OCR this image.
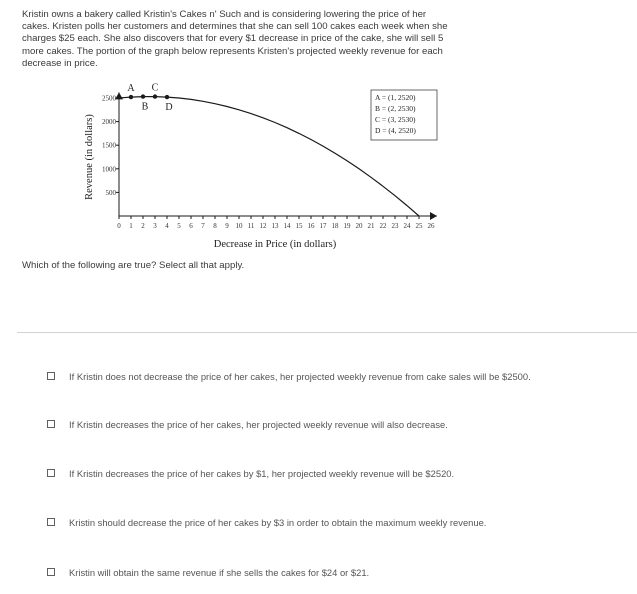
Kristin owns a bakery called Kristin's Cakes n' Such and is considering lowering the price of her
cakes. Kristen polls her customers and determines that she can sell 100 cakes each week when she
charges $25 each. She also discovers that for every $1 decrease in price of the cake, she will sell 5
more cakes. The portion of the graph below represents Kristen's projected weekly revenue for each
decrease in price.
500
1000
1500
2000
2500
0 1 2 3 4 5 6 7 8 9 10 11 12 13 14 15 16 17 18 19 20 21 22 23 24 25 26
A
B
C
D
A = (1, 2520)
B = (2, 2530)
C = (3, 2530)
D = (4, 2520)
Revenue (in dollars)
Decrease in Price (in dollars)
Which of the following are true? Select all that apply.
If Kristin does not decrease the price of her cakes, her projected weekly revenue from cake sales will be $2500.
If Kristin decreases the price of her cakes, her projected weekly revenue will also decrease.
If Kristin decreases the price of her cakes by $1, her projected weekly revenue will be $2520.
Kristin should decrease the price of her cakes by $3 in order to obtain the maximum weekly revenue.
Kristin will obtain the same revenue if she sells the cakes for $24 or $21.
